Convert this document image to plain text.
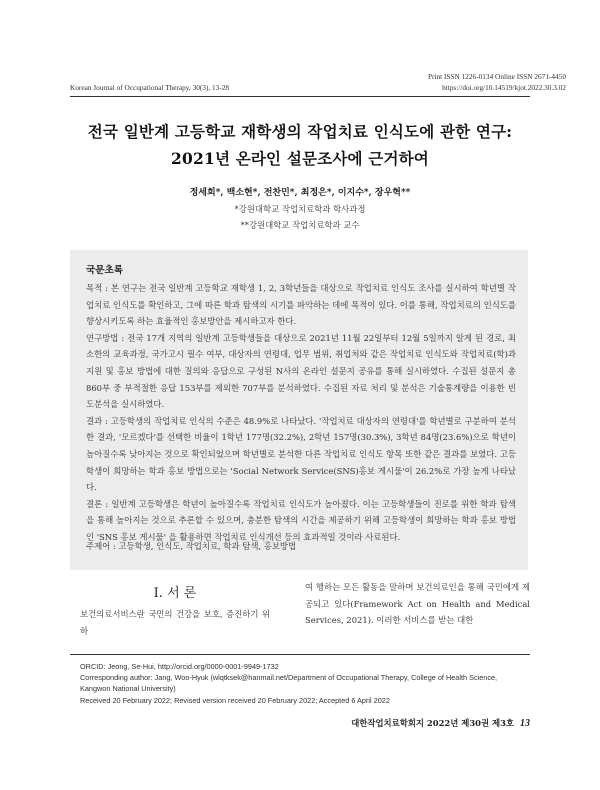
Print ISSN 1226-0134 Online ISSN 2671-4450
https://doi.org/10.14519/kjot.2022.30.3.02
Korean Journal of Occupational Therapy, 30(3), 13-28
전국 일반계 고등학교 재학생의 작업치료 인식도에 관한 연구:
2021년 온라인 설문조사에 근거하여
정세희*, 백소현*, 전찬민*, 최정은*, 이지수*, 장우혁**
*강원대학교 작업치료학과 학사과정
**강원대학교 작업치료학과 교수
국문초록

목적 : 본 연구는 전국 일반계 고등학교 재학생 1, 2, 3학년들을 대상으로 작업치료 인식도 조사를 실시하여 학년별 작업치료 인식도를 확인하고, 그에 따른 학과 탐색의 시기를 파악하는 데에 목적이 있다. 이를 통해, 작업치료의 인식도를 향상시키도록 하는 효율적인 홍보방안을 제시하고자 한다.

연구방법 : 전국 17개 지역의 일반계 고등학생들을 대상으로 2021년 11월 22일부터 12월 5일까지 알게 된 경로, 최소한의 교육과정, 국가고시 필수 여부, 대상자의 연령대, 업무 범위, 취업처와 같은 작업치료 인식도와 작업치료(학)과 지원 및 홍보 방법에 대한 질의와 응답으로 구성된 N사의 온라인 설문지 공유를 통해 실시하였다. 수집된 설문지 총 860부 중 부적절한 응답 153부를 제외한 707부를 분석하였다. 수집된 자료 처리 및 분석은 기술통계량을 이용한 빈도분석을 실시하였다.

결과 : 고등학생의 작업치료 인식의 수준은 48.9%로 나타났다. '작업치료 대상자의 연령대'를 학년별로 구분하여 분석한 결과, '모르겠다'를 선택한 비율이 1학년 177명(32.2%), 2학년 157명(30.3%), 3학년 84명(23.6%)으로 학년이 높아질수록 낮아지는 것으로 확인되었으며 학년별로 분석한 다른 작업치료 인식도 항목 또한 같은 결과를 보였다. 고등학생이 희망하는 학과 홍보 방법으로는 'Social Network Service(SNS)홍보 게시물'이 26.2%로 가장 높게 나타났다.

결론 : 일반계 고등학생은 학년이 높아질수록 작업치료 인식도가 높아졌다. 이는 고등학생들이 진로를 위한 학과 탐색을 통해 높아지는 것으로 추론할 수 있으며, 충분한 탐색의 시간을 제공하기 위해 고등학생이 희망하는 학과 홍보 방법인 'SNS 홍보 게시물' 을 활용하면 작업치료 인식개선 등의 효과적일 것이라 사료된다.

주제어 : 고등학생, 인식도, 작업치료, 학과 탐색, 홍보방법
Ⅰ. 서 론
보건의료서비스란 국민의 건강을 보호, 증진하기 위하
여 행하는 모든 활동을 말하며 보건의료인을 통해 국민에게 제공되고 있다(Framework Act on Health and Medical Services, 2021). 이러한 서비스를 받는 대한
ORCID: Jeong, Se-Hui, http://orcid.org/0000-0001-9949-1732
Corresponding author: Jang, Woo-Hyuk (wlqtksek@hanmail.net/Department of Occupational Therapy, College of Health Science,
Kangwon National University)
Received 20 February 2022; Revised version received 20 February 2022; Accepted 6 April 2022
대한작업치료학회지 2022년 제30권 제3호 13
